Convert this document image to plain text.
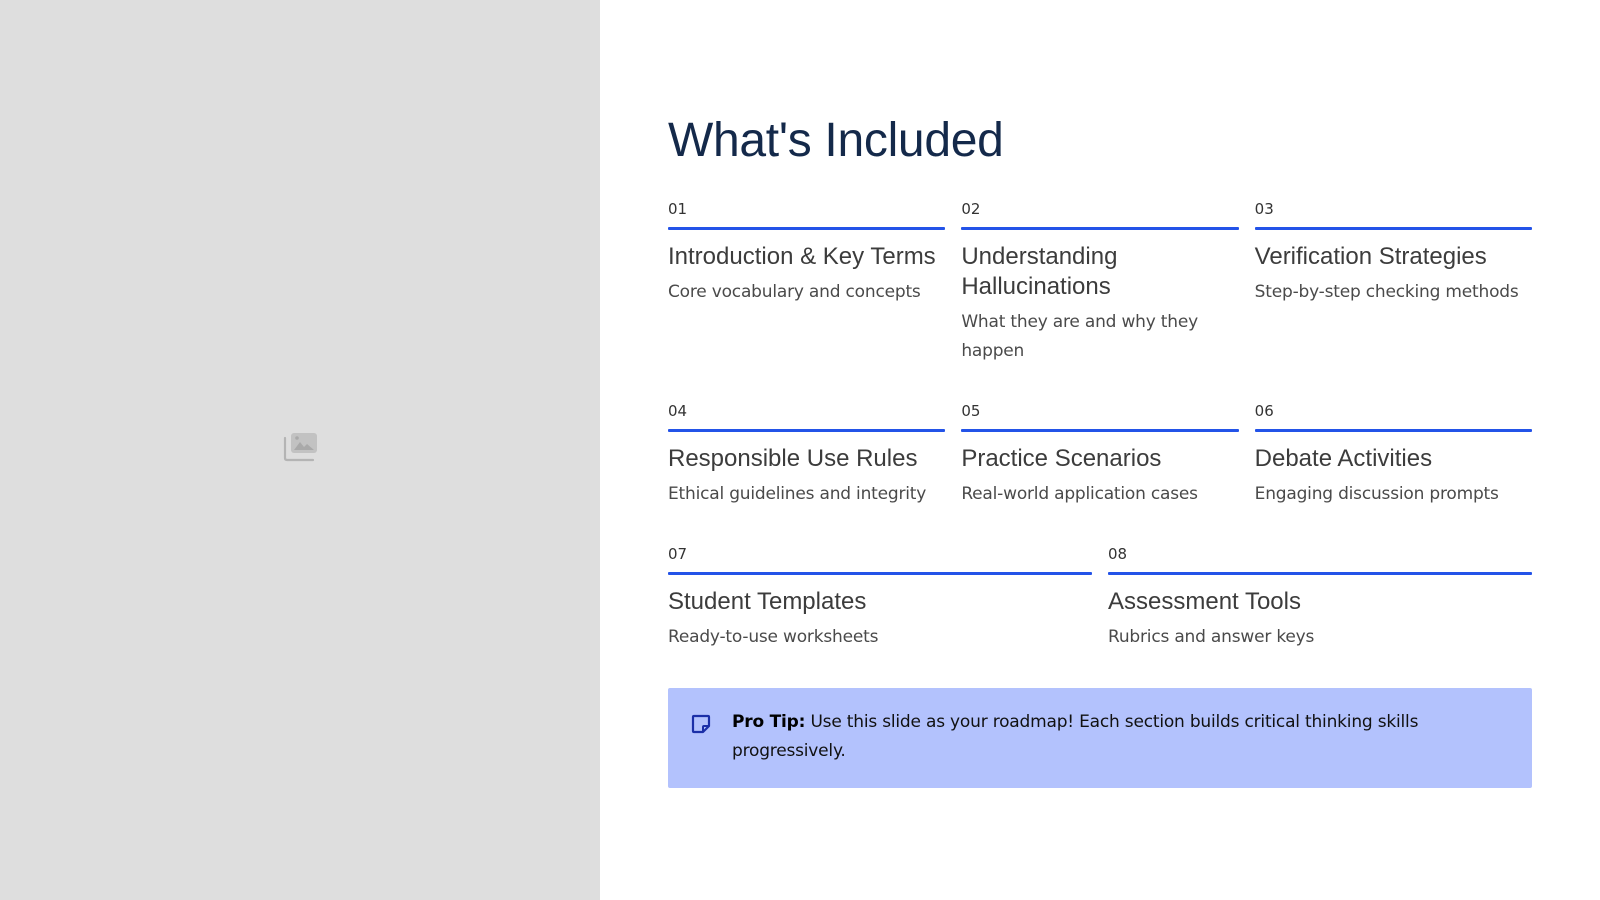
What's Included
01
Introduction & Key Terms
Core vocabulary and concepts
02
Understanding Hallucinations
What they are and why they happen
03
Verification Strategies
Step-by-step checking methods
04
Responsible Use Rules
Ethical guidelines and integrity
05
Practice Scenarios
Real-world application cases
06
Debate Activities
Engaging discussion prompts
07
Student Templates
Ready-to-use worksheets
08
Assessment Tools
Rubrics and answer keys

Pro Tip: Use this slide as your roadmap! Each section builds critical thinking skills progressively.
